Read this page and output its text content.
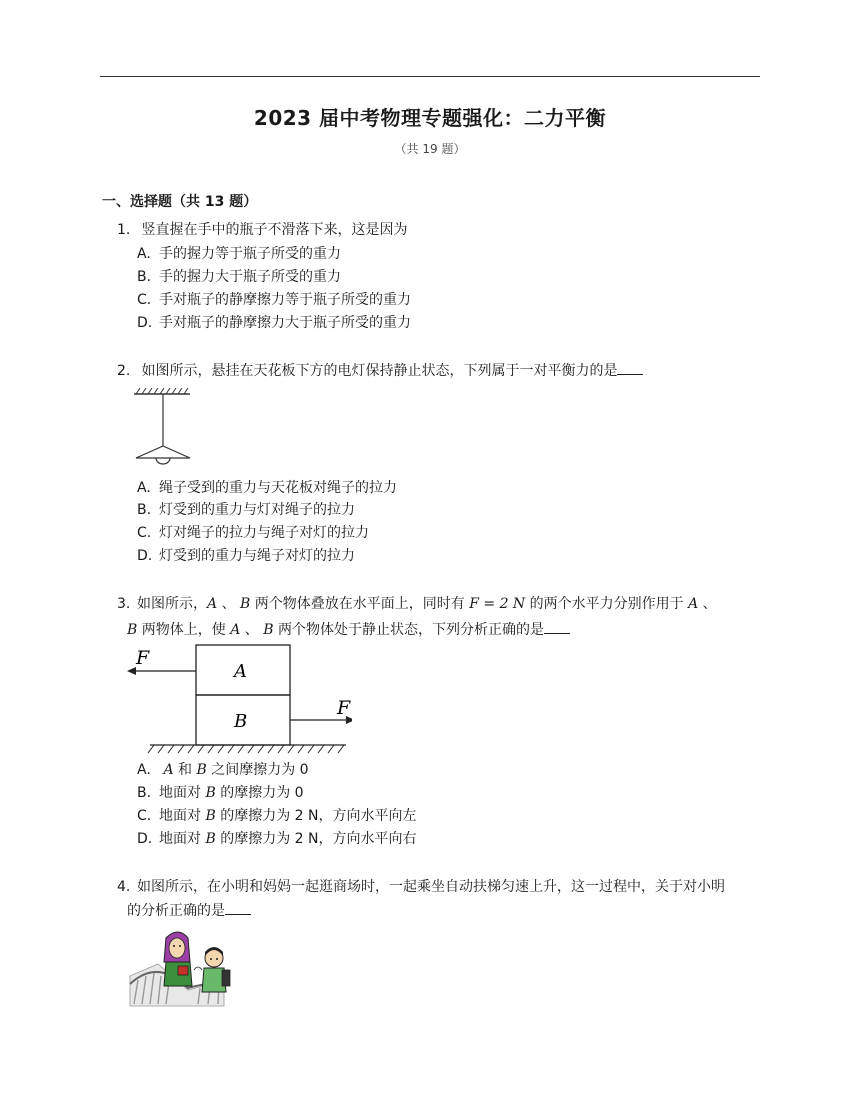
2023 届中考物理专题强化：二力平衡
（共 19 题）
一、选择题（共 13 题）
1. 竖直握在手中的瓶子不滑落下来，这是因为
A. 手的握力等于瓶子所受的重力
B. 手的握力大于瓶子所受的重力
C. 手对瓶子的静摩擦力等于瓶子所受的重力
D. 手对瓶子的静摩擦力大于瓶子所受的重力
2. 如图所示，悬挂在天花板下方的电灯保持静止状态，下列属于一对平衡力的是
A. 绳子受到的重力与天花板对绳子的拉力
B. 灯受到的重力与灯对绳子的拉力
C. 灯对绳子的拉力与绳子对灯的拉力
D. 灯受到的重力与绳子对灯的拉力
3. 如图所示，A 、 B 两个物体叠放在水平面上，同时有 F = 2 N 的两个水平力分别作用于 A 、
B 两物体上，使 A 、 B 两个物体处于静止状态，下列分析正确的是
F
F
A
B
A. A 和 B 之间摩擦力为 0
B. 地面对 B 的摩擦力为 0
C. 地面对 B 的摩擦力为 2 N，方向水平向左
D. 地面对 B 的摩擦力为 2 N，方向水平向右
4. 如图所示，在小明和妈妈一起逛商场时，一起乘坐自动扶梯匀速上升，这一过程中，关于对小明
的分析正确的是
